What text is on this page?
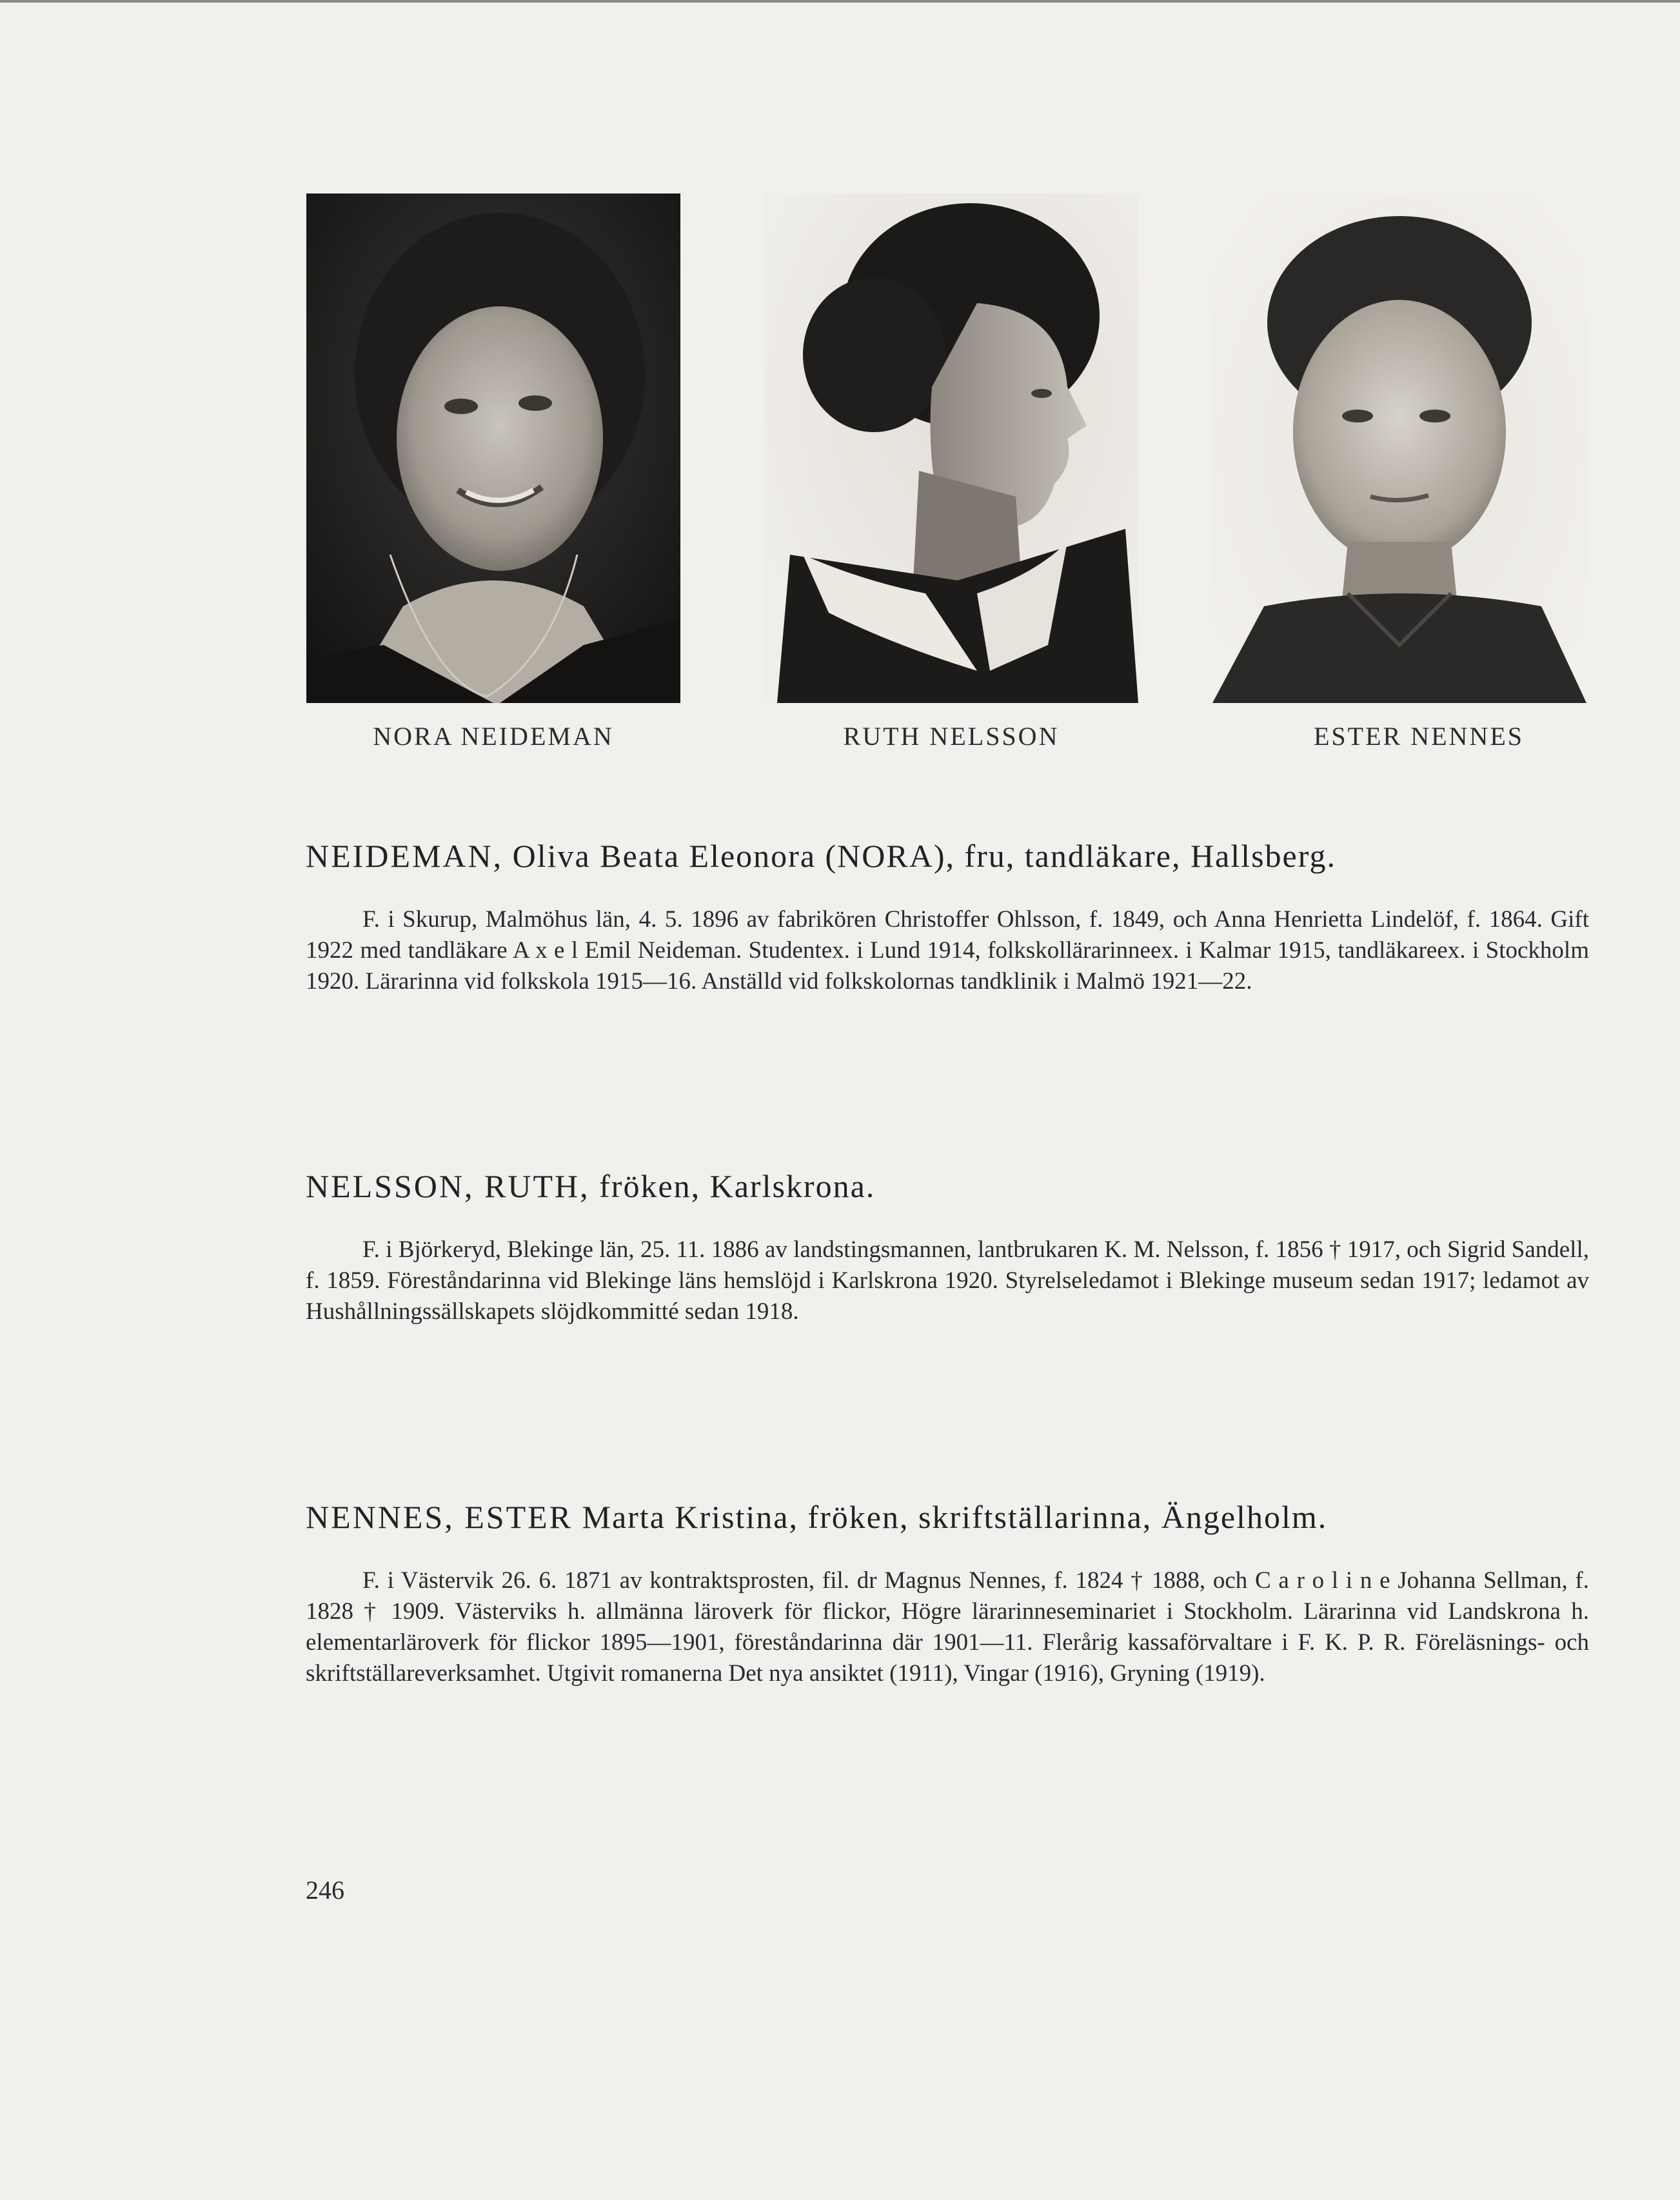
NORA NEIDEMAN	RUTH NELSSON	ESTER NENNES
NEIDEMAN, Oliva Beata Eleonora (NORA), fru, tandläkare, Hallsberg.
F. i Skurup, Malmöhus län, 4. 5. 1896 av fabrikören Christoffer Ohlsson, f. 1849, och Anna Henrietta Lindelöf, f. 1864. Gift 1922 med tandläkare A x e l Emil Neideman. Studentex. i Lund 1914, folkskollärarinneex. i Kalmar 1915, tandläkareex. i Stockholm 1920. Lärarinna vid folkskola 1915—16. Anställd vid folkskolornas tandklinik i Malmö 1921—22.
NELSSON, RUTH, fröken, Karlskrona.
F. i Björkeryd, Blekinge län, 25. 11. 1886 av landstingsmannen, lantbrukaren K. M. Nelsson, f. 1856 † 1917, och Sigrid Sandell, f. 1859. Föreståndarinna vid Blekinge läns hemslöjd i Karlskrona 1920. Styrelseledamot i Blekinge museum sedan 1917; ledamot av Hushållningssällskapets slöjdkommitté sedan 1918.
NENNES, ESTER Marta Kristina, fröken, skriftställarinna, Ängelholm.
F. i Västervik 26. 6. 1871 av kontraktsprosten, fil. dr Magnus Nennes, f. 1824 † 1888, och C a r o l i n e Johanna Sellman, f. 1828 † 1909. Västerviks h. allmänna läroverk för flickor, Högre lärarinneseminariet i Stockholm. Lärarinna vid Landskrona h. elementarläroverk för flickor 1895—1901, föreståndarinna där 1901—11. Flerårig kassaförvaltare i F. K. P. R. Föreläsnings- och skriftställareverksamhet. Utgivit romanerna Det nya ansiktet (1911), Vingar (1916), Gryning (1919).
246
